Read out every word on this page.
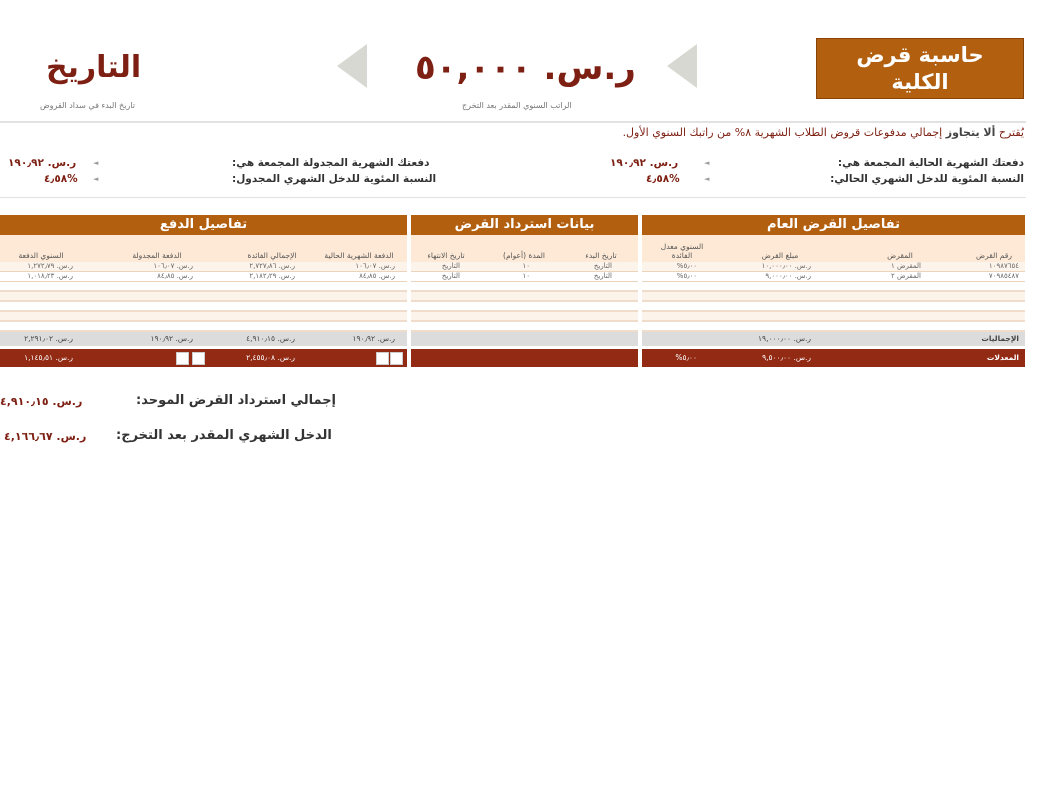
حاسبة قرض الكلية
ر.س. ٥٠,٠٠٠
الراتب السنوي المقدر بعد التخرج
التاريخ
تاريخ البدء في سداد القروض
يُقترح ألا يتجاوز إجمالي مدفوعات قروض الطلاب الشهرية ٨% من راتبك السنوي الأول.
دفعتك الشهرية الحالية المجمعة هي:
◄
ر.س. ١٩٠٫٩٢
النسبة المئوية للدخل الشهري الحالي:
◄
%٤٫٥٨
دفعتك الشهرية المجدولة المجمعة هي:
◄
ر.س. ١٩٠٫٩٢
النسبة المئوية للدخل الشهري المجدول:
◄
%٤٫٥٨
تفاصيل القرض العام
رقم القرض
المقرض
مبلغ القرض
السنوي معدل الفائدة
١٠٩٨٧٦٥٤
المقرض ١
ر.س. ١٠,٠٠٠٫٠٠
%٥٫٠٠
٧٠٩٨٥٤٨٧
المقرض ٢
ر.س. ٩,٠٠٠٫٠٠
%٥٫٠٠
الإجماليات
ر.س. ١٩,٠٠٠٫٠٠
المعدلات
ر.س. ٩,٥٠٠٫٠٠
%٥٫٠٠
بيانات استرداد القرض
تاريخ البدء
المدة (أعوام)
تاريخ الانتهاء
التاريخ
١٠
التاريخ
التاريخ
١٠
التاريخ
تفاصيل الدفع
الدفعة الشهرية الحالية
الإجمالي الفائدة
الدفعة المجدولة
السنوي الدفعة
ر.س. ١٠٦٫٠٧
ر.س. ٢,٧٢٧٫٨٦
ر.س. ١٠٦٫٠٧
ر.س. ١,٢٧٢٫٧٩
ر.س. ٨٤٫٨٥
ر.س. ٢,١٨٢٫٢٩
ر.س. ٨٤٫٨٥
ر.س. ١,٠١٨٫٢٣
ر.س. ١٩٠٫٩٢
ر.س. ٤,٩١٠٫١٥
ر.س. ١٩٠٫٩٢
ر.س. ٢,٢٩١٫٠٢
ر.س. ٢,٤٥٥٫٠٨
ر.س. ١,١٤٥٫٥١
إجمالي استرداد القرض الموحد:
ر.س. ٤,٩١٠٫١٥
الدخل الشهري المقدر بعد التخرج:
ر.س. ٤,١٦٦٫٦٧
